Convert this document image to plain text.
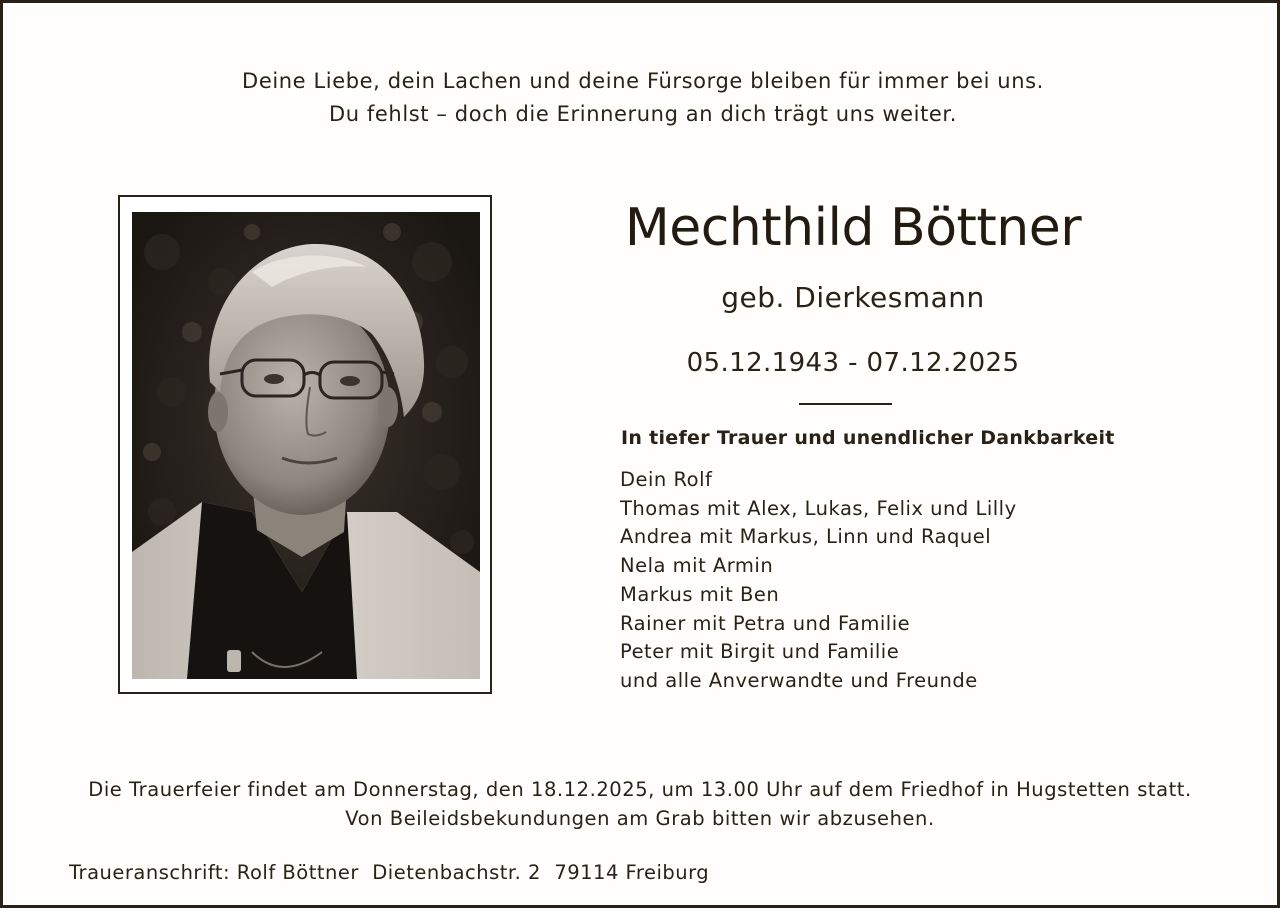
Deine Liebe, dein Lachen und deine Fürsorge bleiben für immer bei uns.
Du fehlst – doch die Erinnerung an dich trägt uns weiter.
Mechthild Böttner
geb. Dierkesmann
05.12.1943 - 07.12.2025
In tiefer Trauer und unendlicher Dankbarkeit
Dein Rolf
Thomas mit Alex, Lukas, Felix und Lilly
Andrea mit Markus, Linn und Raquel
Nela mit Armin
Markus mit Ben
Rainer mit Petra und Familie
Peter mit Birgit und Familie
und alle Anverwandte und Freunde
Die Trauerfeier findet am Donnerstag, den 18.12.2025, um 13.00 Uhr auf dem Friedhof in Hugstetten statt.
Von Beileidsbekundungen am Grab bitten wir abzusehen.
Traueranschrift: Rolf Böttner  Dietenbachstr. 2  79114 Freiburg
